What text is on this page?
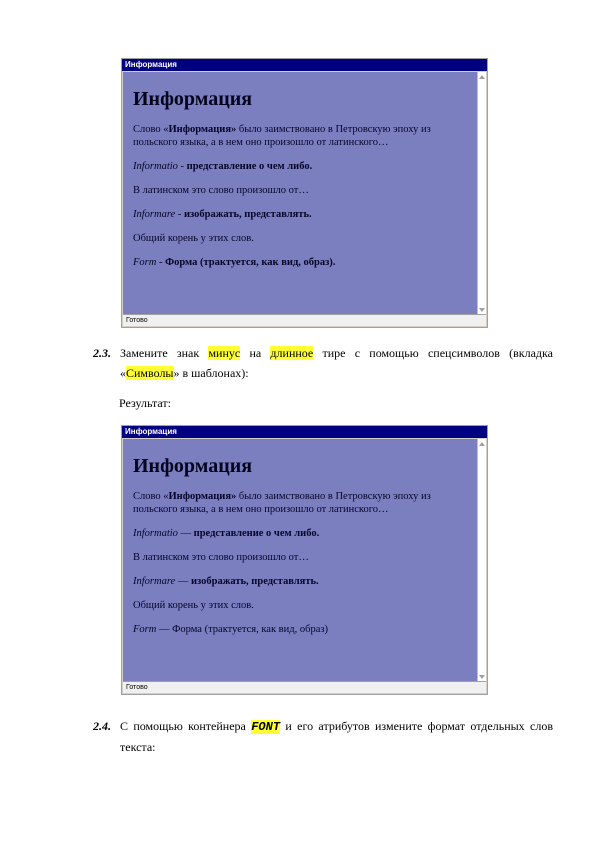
Информация
Информация
Слово «Информация» было заимствовано в Петровскую эпоху из польского языка, а в нем оно произошло от латинского…
Informatio - представление о чем либо.
В латинском это слово произошло от…
Informare - изображать, представлять.
Общий корень у этих слов.
Form - Форма (трактуется, как вид, образ).
Готово
2.3. Замените знак минус на длинное тире с помощью спецсимволов (вкладка «Символы» в шаблонах):
Результат:
Информация
Информация
Слово «Информация» было заимствовано в Петровскую эпоху из польского языка, а в нем оно произошло от латинского…
Informatio — представление о чем либо.
В латинском это слово произошло от…
Informare — изображать, представлять.
Общий корень у этих слов.
Form — Форма (трактуется, как вид, образ)
Готово
2.4. С помощью контейнера FONT и его атрибутов измените формат отдельных слов текста:
